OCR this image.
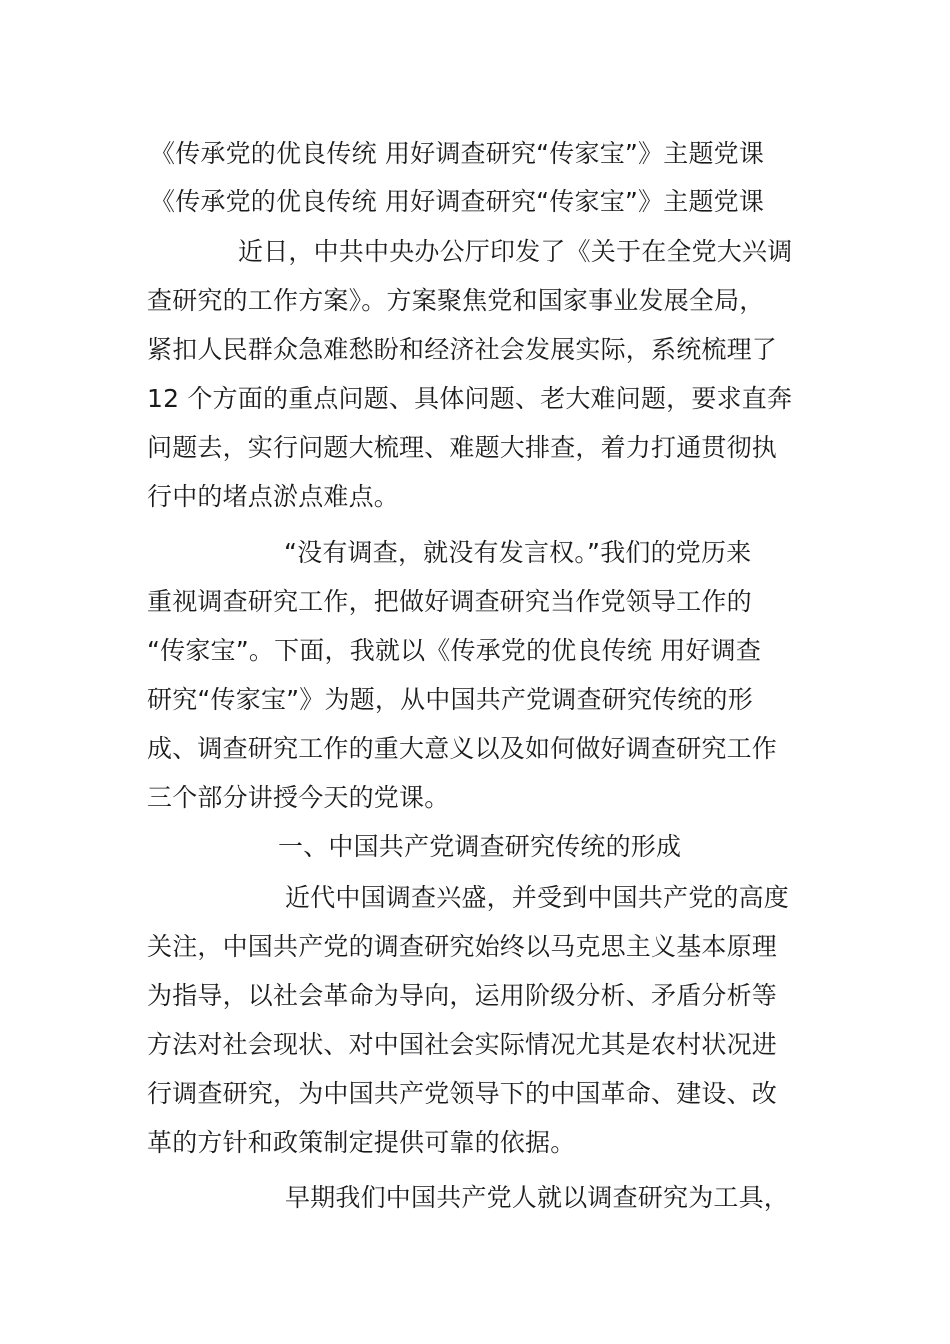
《传承党的优良传统 用好调查研究“传家宝”》主题党课
《传承党的优良传统 用好调查研究“传家宝”》主题党课
近日，中共中央办公厅印发了《关于在全党大兴调
查研究的工作方案》。方案聚焦党和国家事业发展全局，
紧扣人民群众急难愁盼和经济社会发展实际，系统梳理了
12 个方面的重点问题、具体问题、老大难问题，要求直奔
问题去，实行问题大梳理、难题大排查，着力打通贯彻执
行中的堵点淤点难点。
“没有调查，就没有发言权。”我们的党历来
重视调查研究工作，把做好调查研究当作党领导工作的
“传家宝”。下面，我就以《传承党的优良传统 用好调查
研究“传家宝”》为题，从中国共产党调查研究传统的形
成、调查研究工作的重大意义以及如何做好调查研究工作
三个部分讲授今天的党课。
一、中国共产党调查研究传统的形成
近代中国调查兴盛，并受到中国共产党的高度
关注，中国共产党的调查研究始终以马克思主义基本原理
为指导，以社会革命为导向，运用阶级分析、矛盾分析等
方法对社会现状、对中国社会实际情况尤其是农村状况进
行调查研究，为中国共产党领导下的中国革命、建设、改
革的方针和政策制定提供可靠的依据。
早期我们中国共产党人就以调查研究为工具，
